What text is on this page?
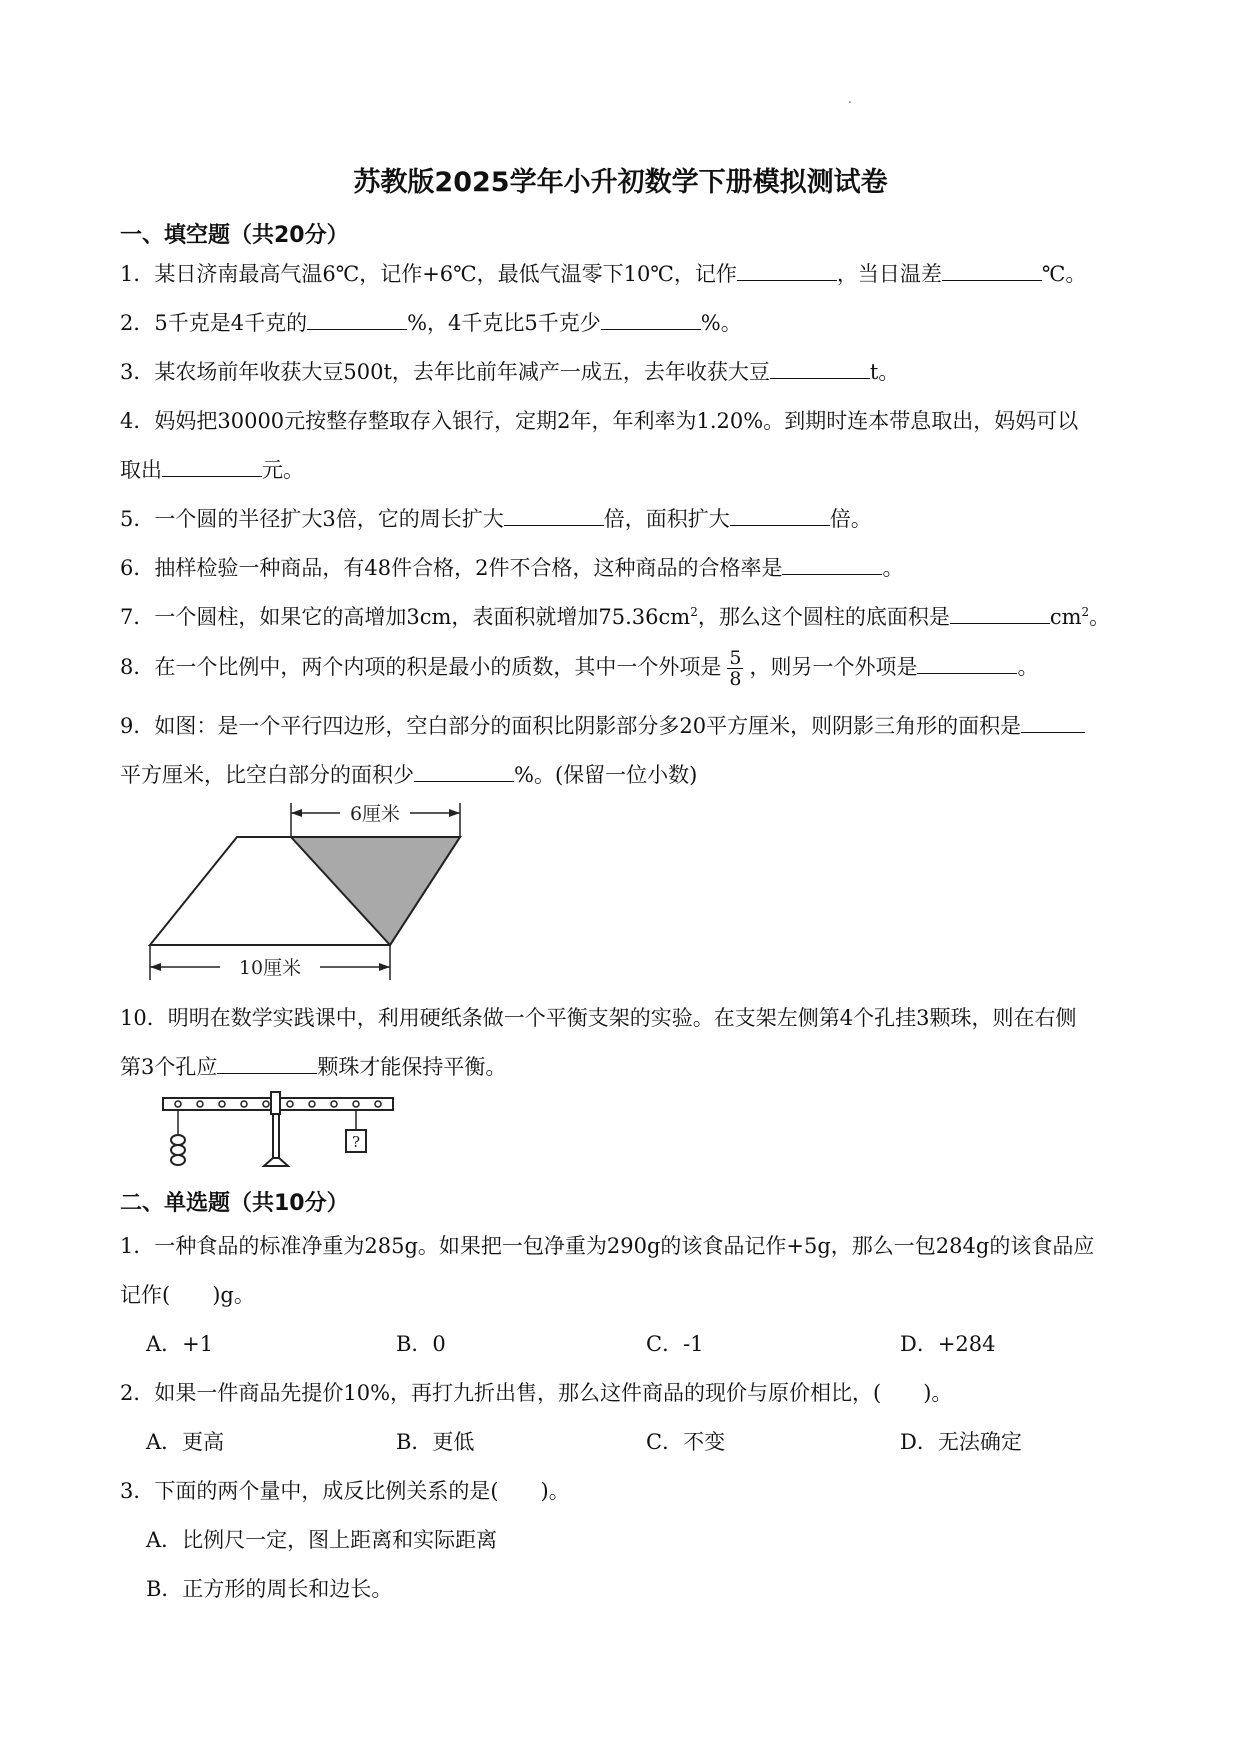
.
苏教版2025学年小升初数学下册模拟测试卷
一、填空题（共20分）
1．某日济南最高气温6℃，记作+6℃，最低气温零下10℃，记作	，当日温差	℃。
2．5千克是4千克的	%，4千克比5千克少	%。
3．某农场前年收获大豆500t，去年比前年减产一成五，去年收获大豆	t。
4．妈妈把30000元按整存整取存入银行，定期2年，年利率为1.20%。到期时连本带息取出，妈妈可以
取出	元。
5．一个圆的半径扩大3倍，它的周长扩大	倍，面积扩大	倍。
6．抽样检验一种商品，有48件合格，2件不合格，这种商品的合格率是	。
7．一个圆柱，如果它的高增加3cm，表面积就增加$75.36cm^2$，那么这个圆柱的底面积是	$cm^2$。
8．在一个比例中，两个内项的积是最小的质数，其中一个外项是 $\frac{5}{8}$ ，则另一个外项是	。
9．如图：是一个平行四边形，空白部分的面积比阴影部分多20平方厘米，则阴影三角形的面积是
平方厘米，比空白部分的面积少	%。(保留一位小数)
6厘米
10厘米
10．明明在数学实践课中，利用硬纸条做一个平衡支架的实验。在支架左侧第4个孔挂3颗珠，则在右侧
第3个孔应	颗珠才能保持平衡。
?
二、单选题（共10分）
1．一种食品的标准净重为285g。如果把一包净重为290g的该食品记作+5g，那么一包284g的该食品应
记作(　　)g。
A．+1	B．0	C．-1	D．+284
2．如果一件商品先提价10%，再打九折出售，那么这件商品的现价与原价相比，(　　)。
A．更高	B．更低	C．不变	D．无法确定
3．下面的两个量中，成反比例关系的是(　　)。
A．比例尺一定，图上距离和实际距离
B．正方形的周长和边长。
